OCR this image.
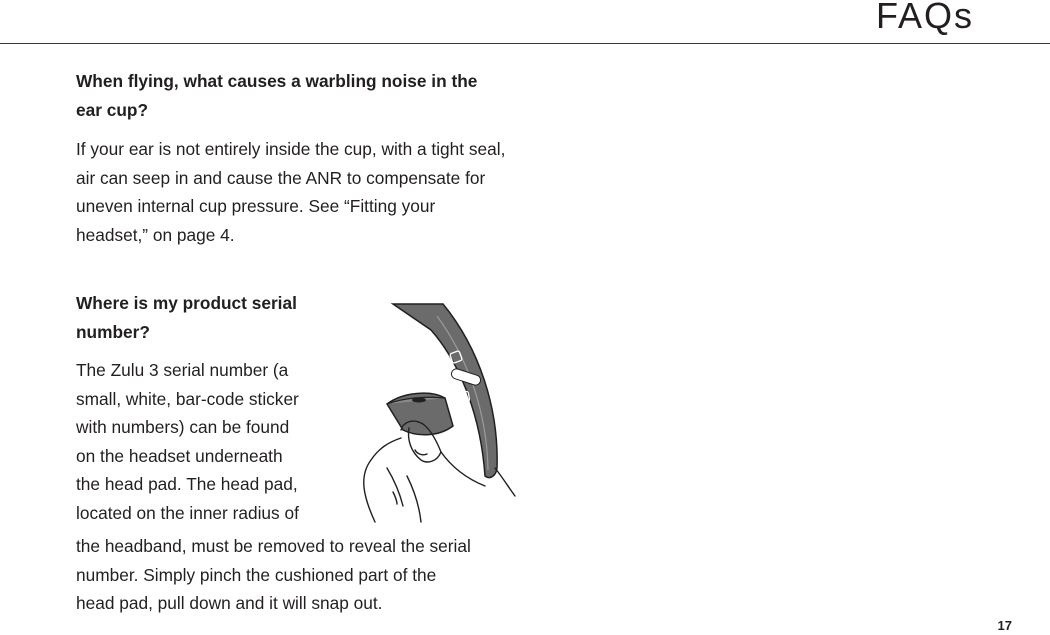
FAQs

When flying, what causes a warbling noise in the ear cup?

If your ear is not entirely inside the cup, with a tight seal, air can seep in and cause the ANR to compensate for uneven internal cup pressure. See “Fitting your headset,” on page 4.

Where is my product serial number?

The Zulu 3 serial number (a
small, white, bar-code sticker
with numbers) can be found
on the headset underneath
the head pad. The head pad,
located on the inner radius of

the headband, must be removed to reveal the serial
number. Simply pinch the cushioned part of the
head pad, pull down and it will snap out.

17
